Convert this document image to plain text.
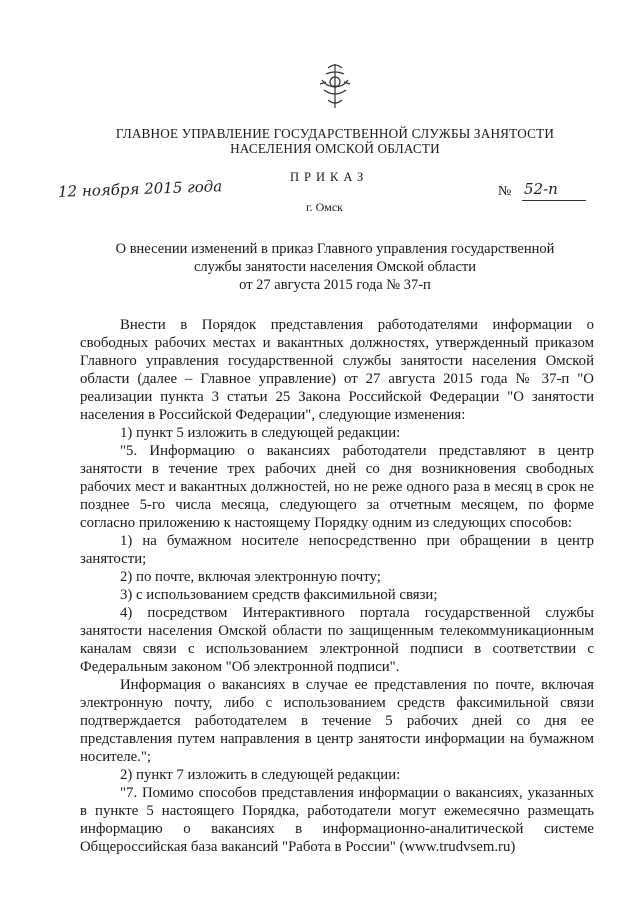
ГЛАВНОЕ УПРАВЛЕНИЕ ГОСУДАРСТВЕННОЙ СЛУЖБЫ ЗАНЯТОСТИ
НАСЕЛЕНИЯ ОМСКОЙ ОБЛАСТИ
ПРИКАЗ
12 ноября 2015 года	№ 52-п
г. Омск
О внесении изменений в приказ Главного управления государственной
службы занятости населения Омской области
от 27 августа 2015 года № 37-п

Внести в Порядок представления работодателями информации о свободных рабочих местах и вакантных должностях, утвержденный приказом Главного управления государственной службы занятости населения Омской области (далее – Главное управление) от 27 августа 2015 года № 37-п "О реализации пункта 3 статьи 25 Закона Российской Федерации "О занятости населения в Российской Федерации", следующие изменения:

1) пункт 5 изложить в следующей редакции:

"5. Информацию о вакансиях работодатели представляют в центр занятости в течение трех рабочих дней со дня возникновения свободных рабочих мест и вакантных должностей, но не реже одного раза в месяц в срок не позднее 5-го числа месяца, следующего за отчетным месяцем, по форме согласно приложению к настоящему Порядку одним из следующих способов:

1) на бумажном носителе непосредственно при обращении в центр занятости;

2) по почте, включая электронную почту;

3) с использованием средств факсимильной связи;

4) посредством Интерактивного портала государственной службы занятости населения Омской области по защищенным телекоммуникационным каналам связи с использованием электронной подписи в соответствии с Федеральным законом "Об электронной подписи".

Информация о вакансиях в случае ее представления по почте, включая электронную почту, либо с использованием средств факсимильной связи подтверждается работодателем в течение 5 рабочих дней со дня ее представления путем направления в центр занятости информации на бумажном носителе.";

2) пункт 7 изложить в следующей редакции:

"7. Помимо способов представления информации о вакансиях, указанных в пункте 5 настоящего Порядка, работодатели могут ежемесячно размещать информацию о вакансиях в информационно-аналитической системе Общероссийская база вакансий "Работа в России" (www.trudvsem.ru)
